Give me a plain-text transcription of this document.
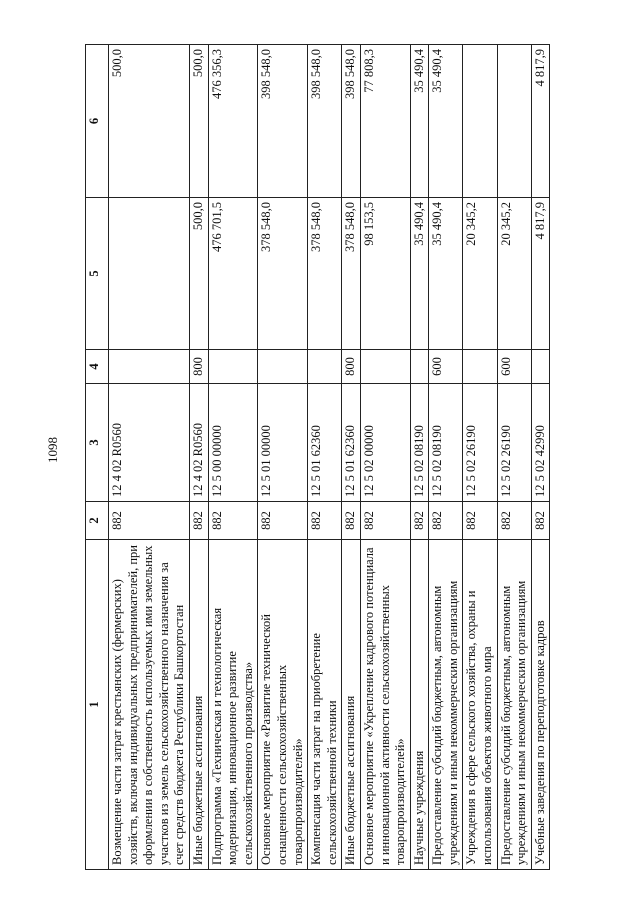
1098
1	2	3	4	5	6
Возмещение части затрат крестьянских (фермерских) хозяйств, включая индивидуальных предпринимателей, при оформлении в собственность используемых ими земельных участков из земель сельскохозяйственного назначения за счет средств бюджета Республики Башкортостан	882	12 4 02 R0560			500,0
Иные бюджетные ассигнования	882	12 4 02 R0560	800	500,0	500,0
Подпрограмма «Техническая и технологическая модернизация, инновационное развитие сельскохозяйственного производства»	882	12 5 00 00000		476 701,5	476 356,3
Основное мероприятие «Развитие технической оснащенности сельскохозяйственных товаропроизводителей»	882	12 5 01 00000		378 548,0	398 548,0
Компенсация части затрат на приобретение сельскохозяйственной техники	882	12 5 01 62360		378 548,0	398 548,0
Иные бюджетные ассигнования	882	12 5 01 62360	800	378 548,0	398 548,0
Основное мероприятие «Укрепление кадрового потенциала и инновационной активности сельскохозяйственных товаропроизводителей»	882	12 5 02 00000		98 153,5	77 808,3
Научные учреждения	882	12 5 02 08190		35 490,4	35 490,4
Предоставление субсидий бюджетным, автономным учреждениям и иным некоммерческим организациям	882	12 5 02 08190	600	35 490,4	35 490,4
Учреждения в сфере сельского хозяйства, охраны и использования объектов животного мира	882	12 5 02 26190		20 345,2	
Предоставление субсидий бюджетным, автономным учреждениям и иным некоммерческим организациям	882	12 5 02 26190	600	20 345,2	
Учебные заведения по переподготовке кадров	882	12 5 02 42990		4 817,9	4 817,9
